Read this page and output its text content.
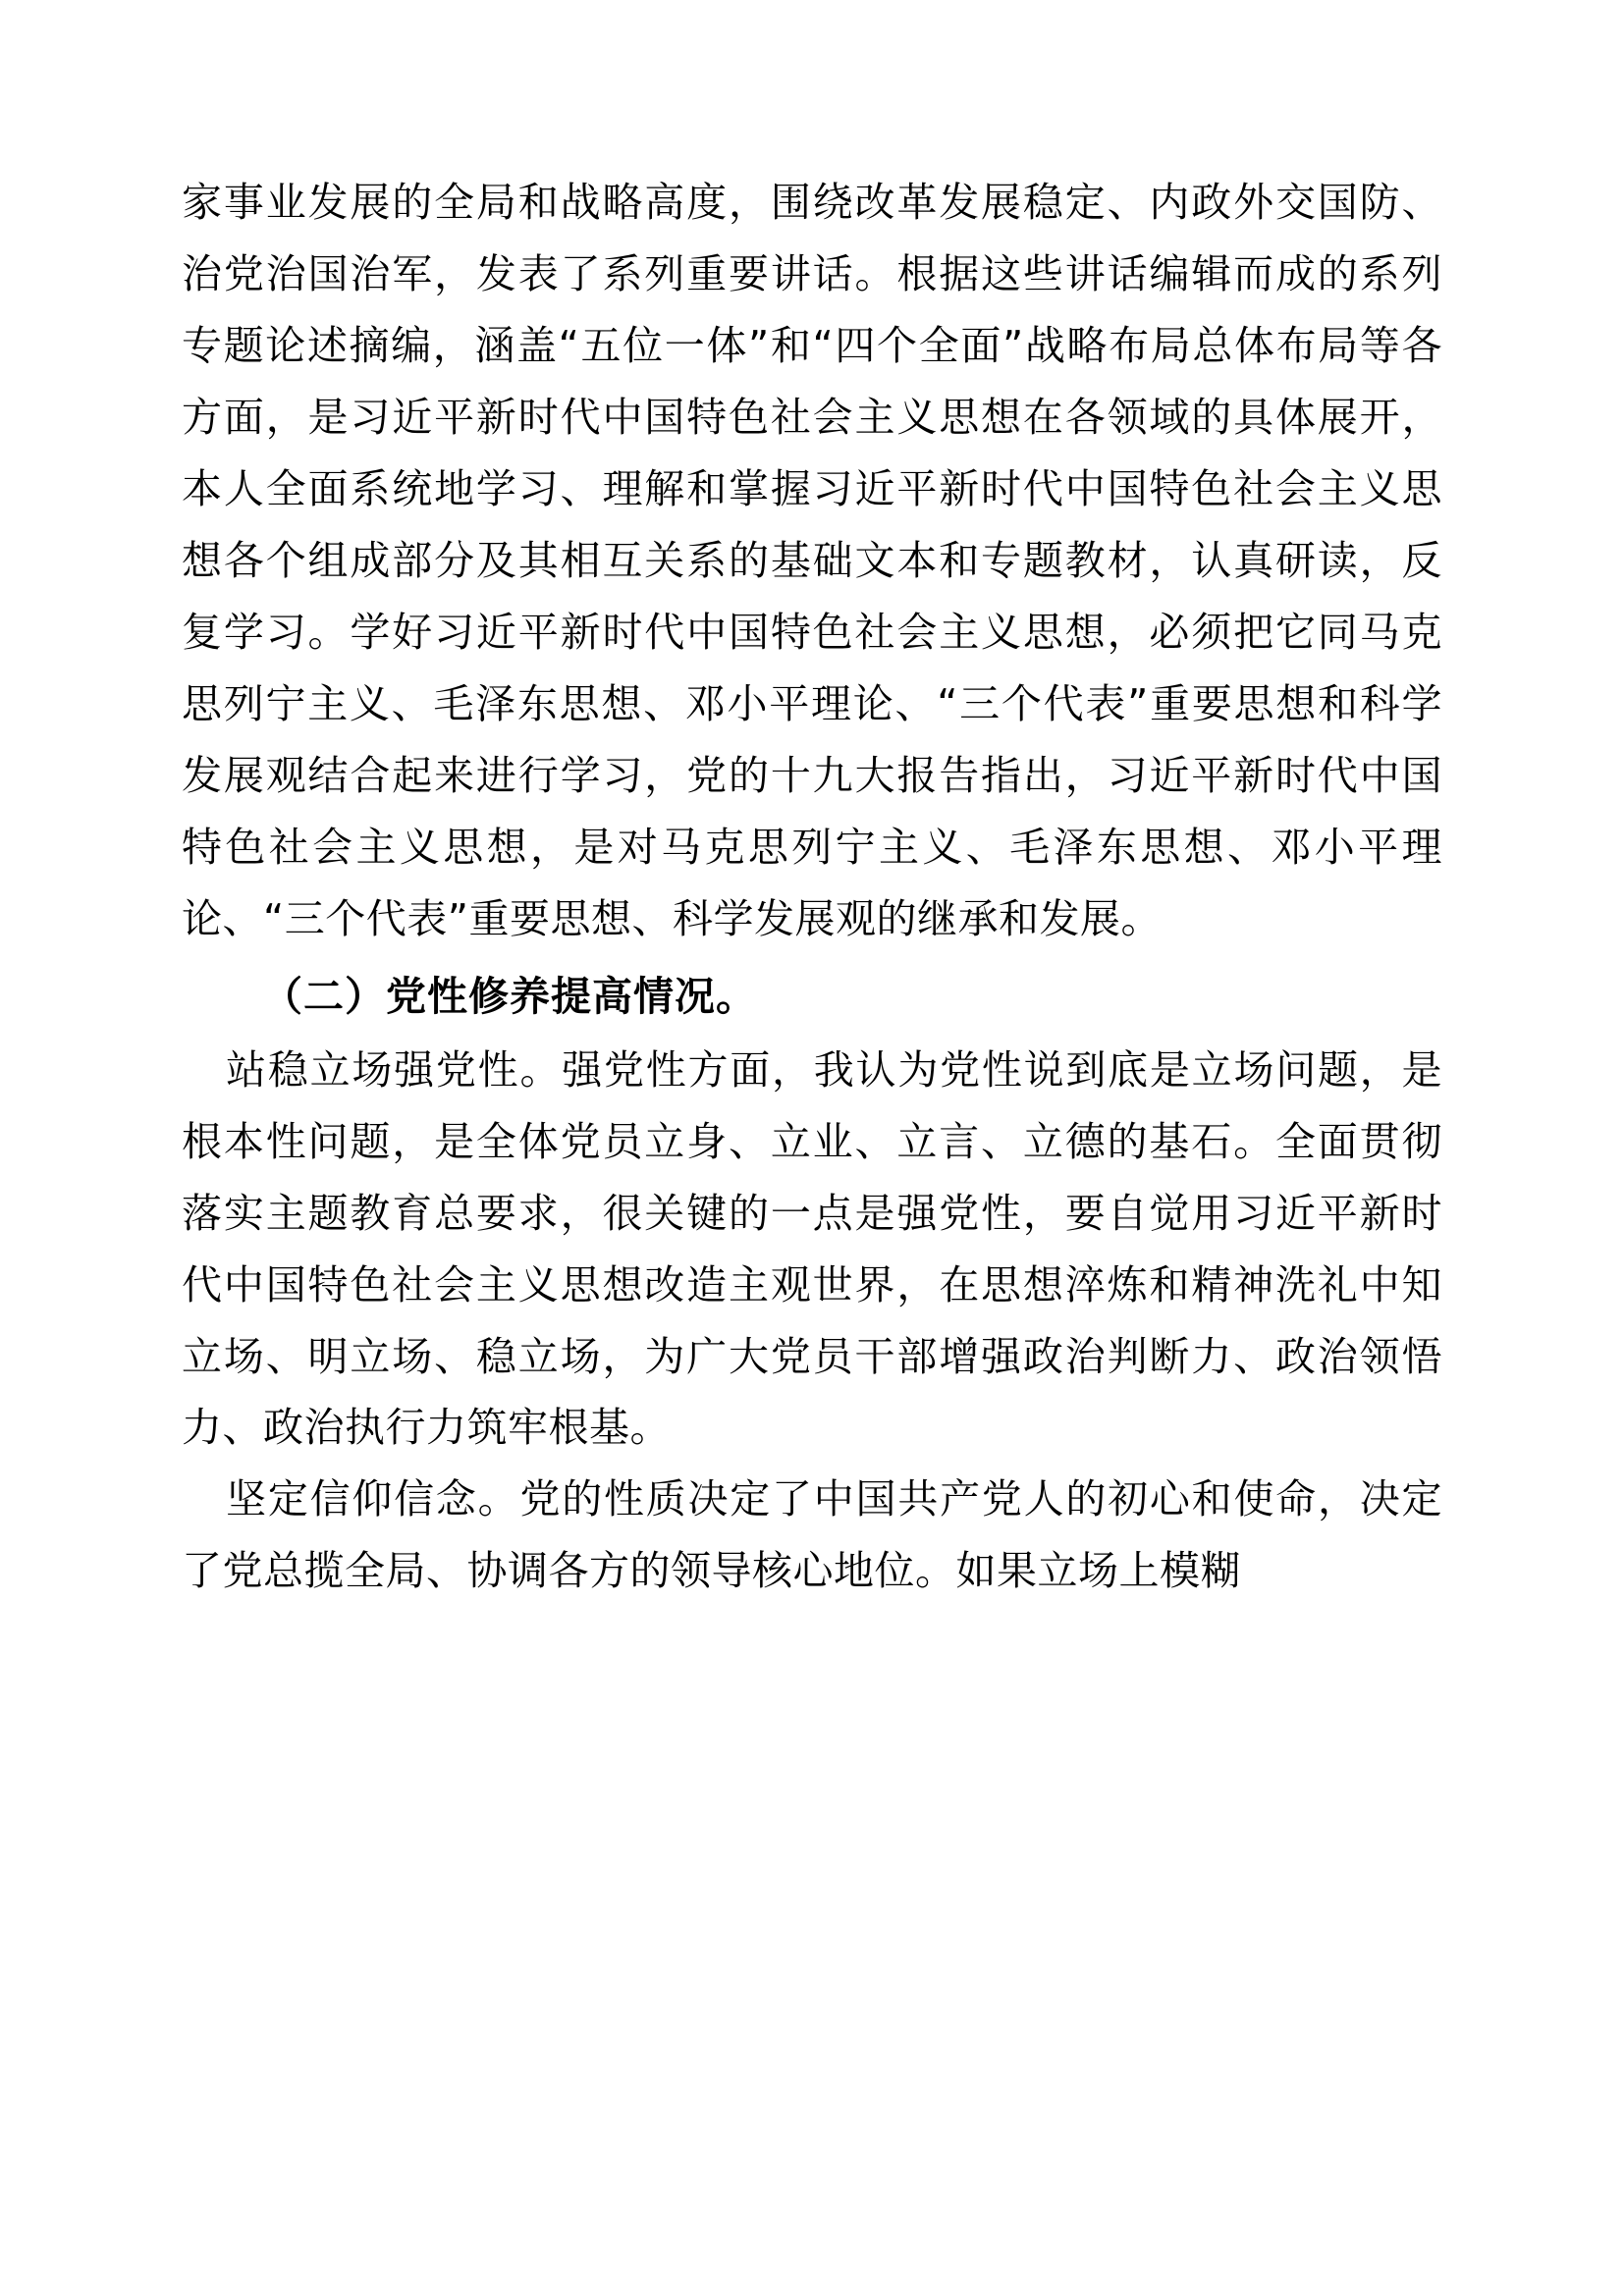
家事业发展的全局和战略高度，围绕改革发展稳定、内政外交国防、治党治国治军，发表了系列重要讲话。根据这些讲话编辑而成的系列专题论述摘编，涵盖“五位一体”和“四个全面”战略布局总体布局等各方面，是习近平新时代中国特色社会主义思想在各领域的具体展开，本人全面系统地学习、理解和掌握习近平新时代中国特色社会主义思想各个组成部分及其相互关系的基础文本和专题教材，认真研读，反复学习。学好习近平新时代中国特色社会主义思想，必须把它同马克思列宁主义、毛泽东思想、邓小平理论、“三个代表”重要思想和科学发展观结合起来进行学习，党的十九大报告指出，习近平新时代中国特色社会主义思想，是对马克思列宁主义、毛泽东思想、邓小平理论、“三个代表”重要思想、科学发展观的继承和发展。

（二）党性修养提高情况。

站稳立场强党性。强党性方面，我认为党性说到底是立场问题，是根本性问题，是全体党员立身、立业、立言、立德的基石。全面贯彻落实主题教育总要求，很关键的一点是强党性，要自觉用习近平新时代中国特色社会主义思想改造主观世界，在思想淬炼和精神洗礼中知立场、明立场、稳立场，为广大党员干部增强政治判断力、政治领悟力、政治执行力筑牢根基。

坚定信仰信念。党的性质决定了中国共产党人的初心和使命，决定了党总揽全局、协调各方的领导核心地位。如果立场上模糊
